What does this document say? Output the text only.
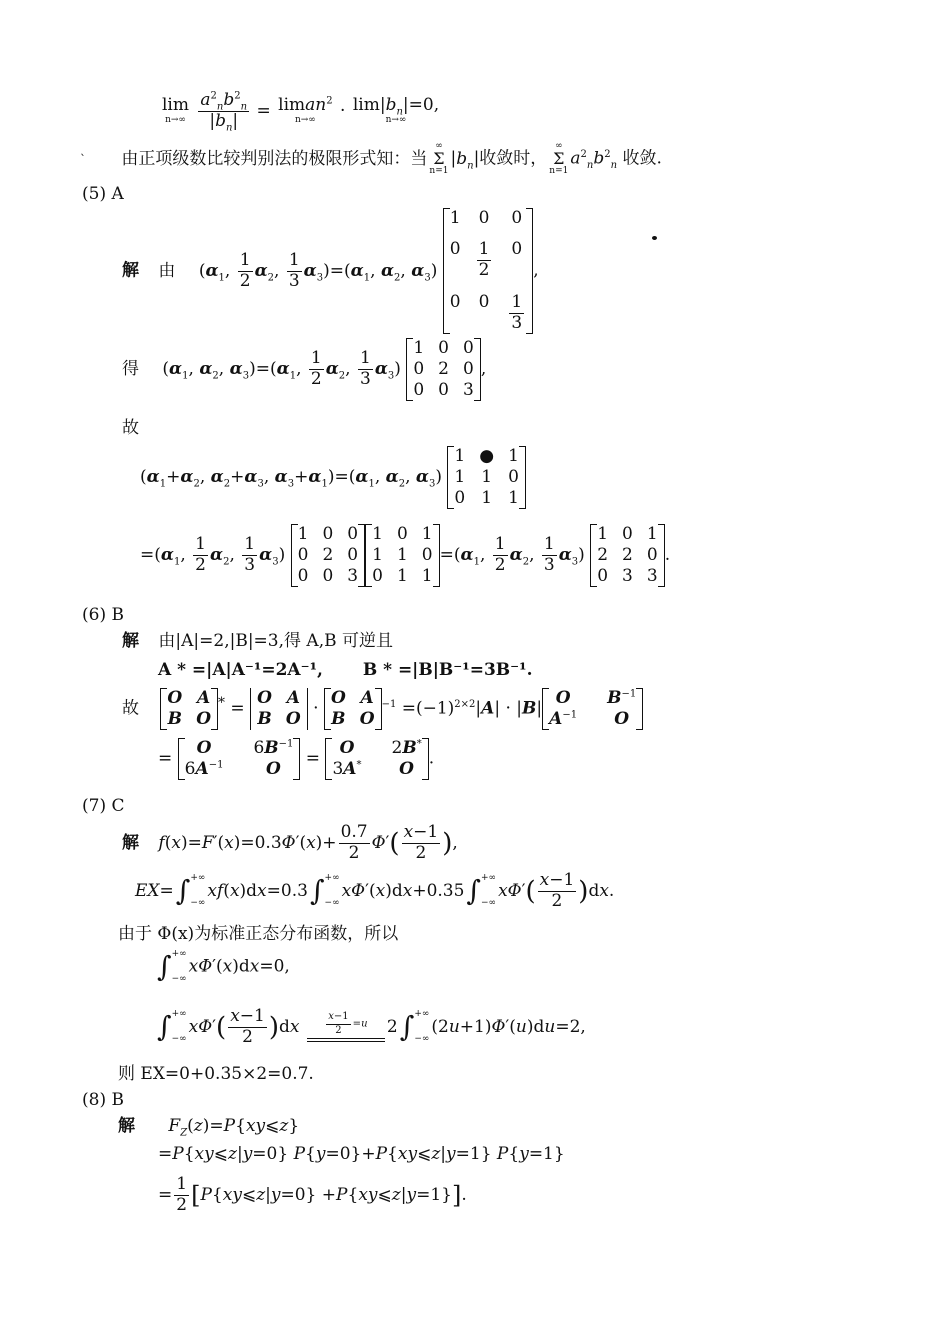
lim
n→∞
$\frac{a^2_nb^2_n}{|b_n|}$ = liman$^2$
$n\to\infty \cdot \lim|b_n|=0$,
n→∞
` 由正项级数比较判别法的极限形式知：当
∞
Σ
n=1
$|b_n|$收敛时，
∞
Σ
n=1
$a^2_nb^2_n$ 收敛.
(5) A
解 由 ($\alpha_1$, $\frac{1}{2} \alpha_2$, $\frac{1}{3} \alpha_3)=(\alpha_1$, $\alpha_2$, $\alpha_3$)
1 0 0
$0 \frac{1}{2} 0$
0 $0 \frac{1}{3}$
,
得 ($\alpha_1$, $\alpha_2$, $\alpha_3)=(\alpha_1$, $\frac{1}{2} \alpha_2$, $\frac{1}{3} \alpha_3$)
1 0 0
0 2 0
0 0 3
,
故
($\alpha_1+\alpha_2$, $\alpha_2+\alpha_3$, $\alpha_3+\alpha_1)=(\alpha_1$, $\alpha_2$, $\alpha_3$)
1 ● 1
1 1 0
0 1 1
$=(\alpha_1$, $\frac{1}{2} \alpha_2$, $\frac{1}{3} \alpha_3$)
1 0 0
0 2 0
0 0 3
1 0 1
1 1 0
0 1 1
$=(\alpha_1$, $\frac{1}{2} \alpha_2$, $\frac{1}{3} \alpha_3$)
1 0 1
2 2 0
0 3 3
.
(6) B
解 由|A|=2,|B|=3,得 A,B 可逆且
A * =|A|A⁻¹=2A⁻¹,　　 B * =|B|B⁻¹=3B⁻¹.
故
O A
B O
* =
O A
B O
·
O A
B O
$^{-1} =(-1)^{2\times 2}|A| \cdot |B|$
O	$B^{-1}$
$A^{-1}$	O
=
O	$6B^{-1}$
$6A^{-1}$	O
=
O	2B*
3A*	O
.
(7) C
解 $f(x)=F'(x)=0.3\Phi'(x)+ \frac{0.7}{2} \Phi'( \frac{x-1}{2}$ ),
EX= ∫ +∞
−∞
xf(x)dx=0.3 ∫ +∞
−∞
xΦ′(x)dx+0.35 ∫ +∞
−∞
$x\Phi'( \frac{x-1}{2} )dx$.
由于 Φ(x)为标准正态分布函数，所以
∫ +∞
−∞
xΦ′(x)dx=0,
∫ +∞
−∞
$x\Phi'( \frac{x-1}{2} )dx$	$\frac{x-1}{2} =u$ 2 ∫ +∞
−∞
(2u+1)Φ′(u)du=2,
则 EX=0+0.35×2=0.7.
(8) B
解 $F_Z(z)=P\{xy⩽z\}$
=P{xy⩽z|y=0} P{y=0}+P{xy⩽z|y=1} P{y=1}
= $\frac{1}{2}$ [P{xy⩽z|y=0} +P{xy⩽z|y=1}].
